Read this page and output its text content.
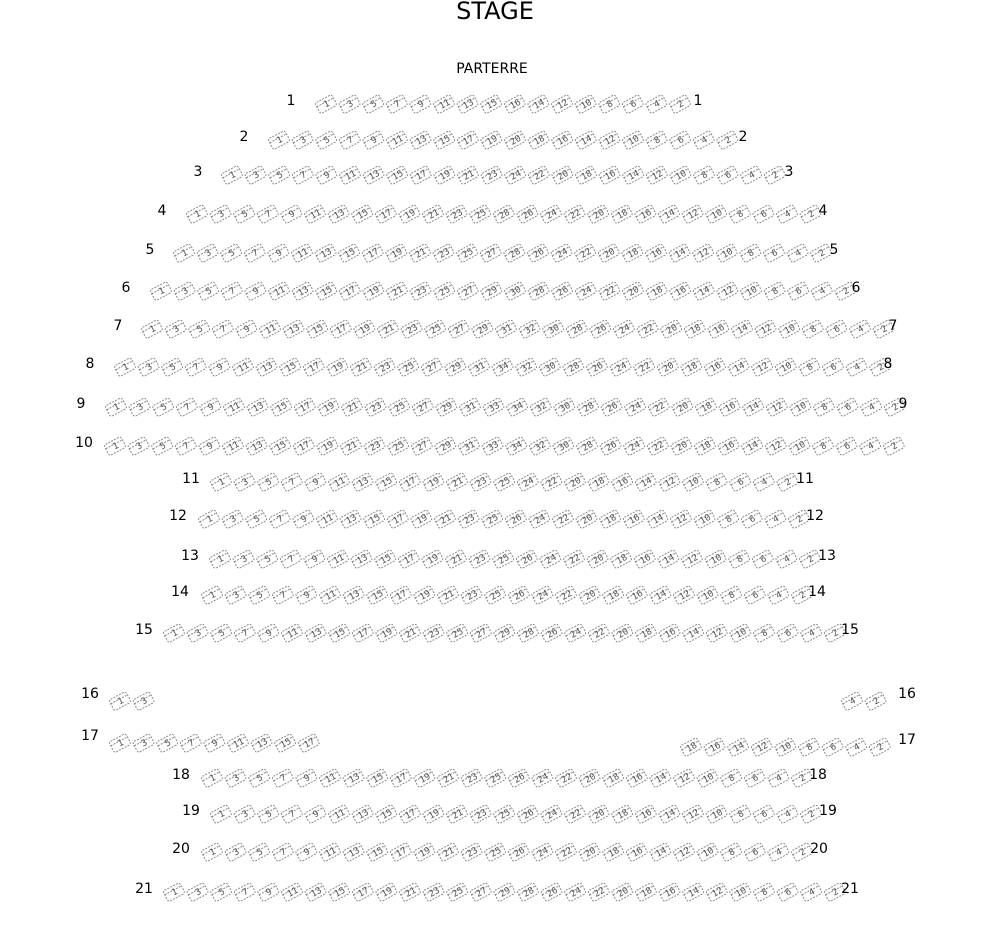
STAGE
PARTERRE
1	1 3 5 7 9 11 13 15 16 14 12 10 8 6 4 2 1
2	1 3 5 7 9 11 13 15 17 19 20 18 16 14 12 10 8 6 4 2 2
3	1 3 5 7 9 11 13 15 17 19 21 23 24 22 20 18 16 14 12 10 8 6 4 2 3
4	1 3 5 7 9 11 13 15 17 19 21 23 25 28 26 24 22 20 18 16 14 12 10 8 6 4 2 4
5	1 3 5 7 9 11 13 15 17 19 21 23 25 27 28 26 24 22 20 18 16 14 12 10 8 6 4 2 5
6	1 3 5 7 9 11 13 15 17 19 21 23 25 27 29 30 28 26 24 22 20 18 16 14 12 10 8 6 4 2 6
7	1 3 5 7 9 11 13 15 17 19 21 23 25 27 29 31 32 30 28 26 24 22 20 18 16 14 12 10 8 6 4 2 7
8	1 3 5 7 9 11 13 15 17 19 21 23 25 27 29 31 34 32 30 28 26 24 22 20 18 16 14 12 10 8 6 4 2
8
9	1 3 5 7 9 11 13 15 17 19 21 23 25 27 29 31 33 34 32 30 28 26 24 22 20 18 16 14 12 10 8 6 4 2
9
10 1 3 5 7 9 11 13 15 17 19 21 23 25 27 29 31 33 34 32 30 28 26 24 22 20 18 16 14 12 10 8 6 4 2
11 1 3 5 7 9 11 13 15 17 19 21 23 25 24 22 20 18 16 14 12 10 8 6 4 2 11
12 1 3 5 7 9 11 13 15 17 19 21 23 25 26 24 22 20 18 16 14 12 10 8 6 4 2 12
13 1 3 5 7 9 11 13 15 17 19 21 23 25 26 24 22 20 18 16 14 12 10 8 6 4 2 13
14 1 3 5 7 9 11 13 15 17 19 21 23 25 26 24 22 20 18 16 14 12 10 8 6 4 2 14
15 1 3 5 7 9 11 13 15 17 19 21 23 25 27 29 28 26 24 22 20 18 16 14 12 10 8 6 4 2 15
16 1 3	4 2 16
17 1 3 5 7 9 11 13 15 17	18 16 14 12 10 8 6 4 2 17
18 1 3 5 7 9 11 13 15 17 19 21 23 25 26 24 22 20 18 16 14 12 10 8 6 4 2 18
19 1 3 5 7 9 11 13 15 17 19 21 23 25 26 24 22 20 18 16 14 12 10 8 6 4 2 19
20 1 3 5 7 9 11 13 15 17 19 21 23 25 26 24 22 20 18 16 14 12 10 8 6 4 2 20
21 1 3 5 7 9 11 13 15 17 19 21 23 25 27 29 28 26 24 22 20 18 16 14 12 10 8 6 4 2 21
